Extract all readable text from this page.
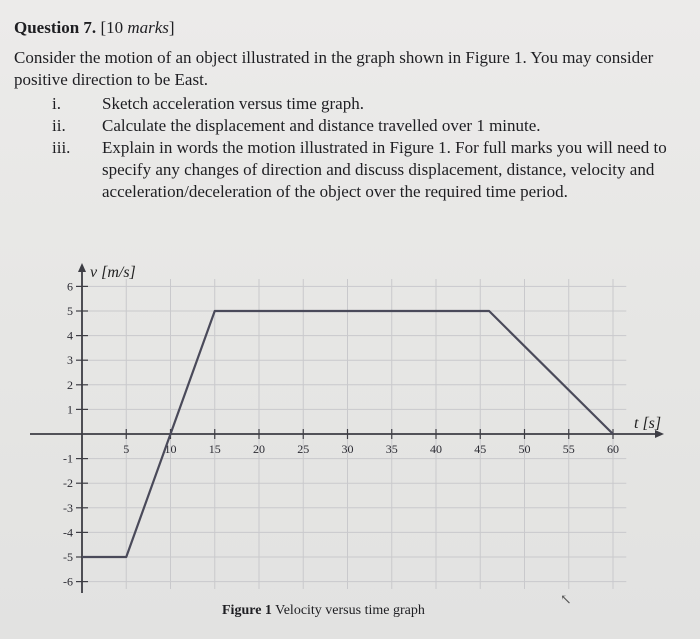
Question 7. [10 marks]
Consider the motion of an object illustrated in the graph shown in Figure 1. You may consider positive direction to be East.
i.	Sketch acceleration versus time graph.
ii.	Calculate the displacement and distance travelled over 1 minute.
iii.	Explain in words the motion illustrated in Figure 1. For full marks you will need to specify any changes of direction and discuss displacement, distance, velocity and acceleration/deceleration of the object over the required time period.
5	10	15	20	25	30	35	40	45	50	55	60
6
5
4
3
2
1
-1
-2
-3
-4
-5
-6
v [m/s]
t [s]
Figure 1 Velocity versus time graph
↖
